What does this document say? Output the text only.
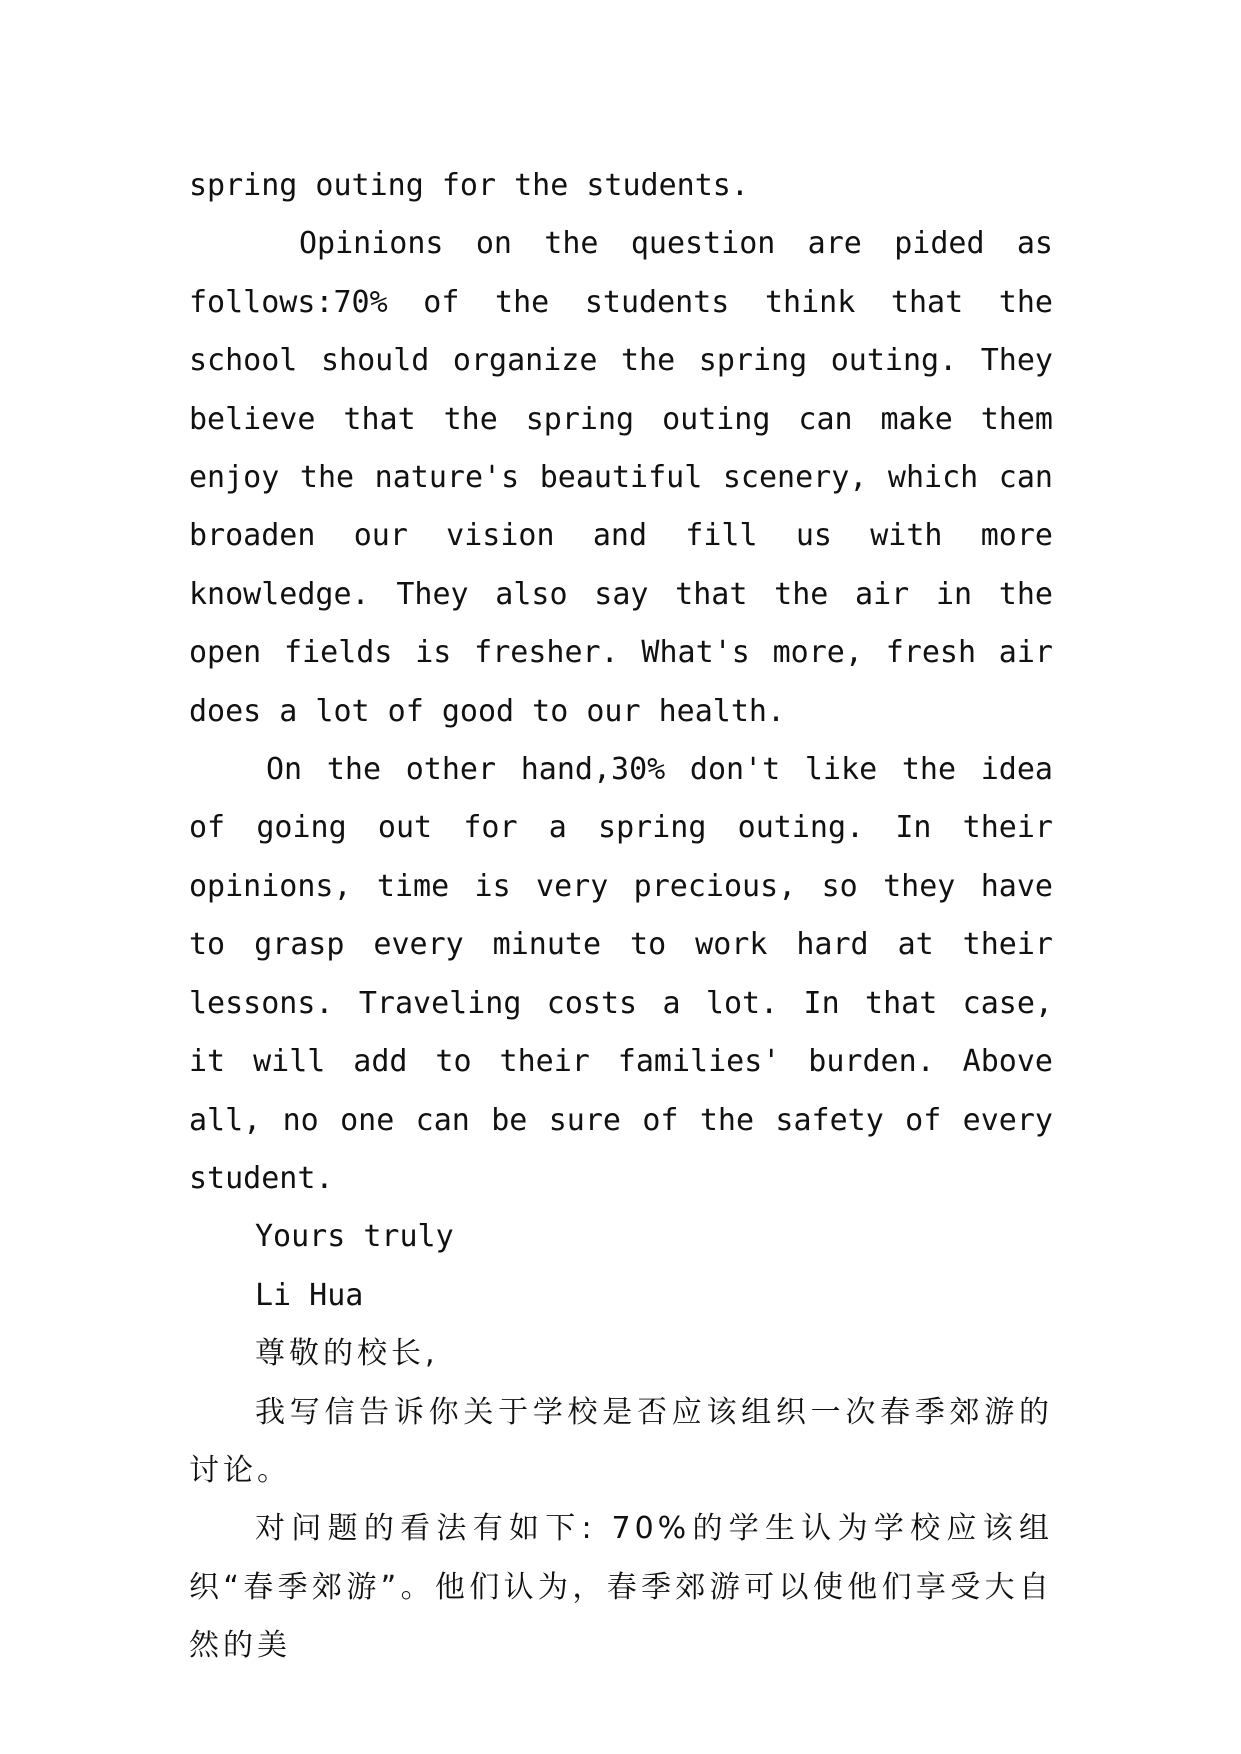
spring outing for the students.

Opinions on the question are pided as follows:70% of the students think that the school should organize the spring outing. They believe that the spring outing can make them enjoy the nature's beautiful scenery, which can broaden our vision and fill us with more knowledge. They also say that the air in the open fields is fresher. What's more, fresh air does a lot of good to our health.

On the other hand,30% don't like the idea of going out for a spring outing. In their opinions, time is very precious, so they have to grasp every minute to work hard at their lessons. Traveling costs a lot. In that case, it will add to their families' burden. Above all, no one can be sure of the safety of every student.

Yours truly

Li Hua

尊敬的校长,

我写信告诉你关于学校是否应该组织一次春季郊游的讨论。

对问题的看法有如下: 70%的学生认为学校应该组织“春季郊游”。他们认为，春季郊游可以使他们享受大自然的美
